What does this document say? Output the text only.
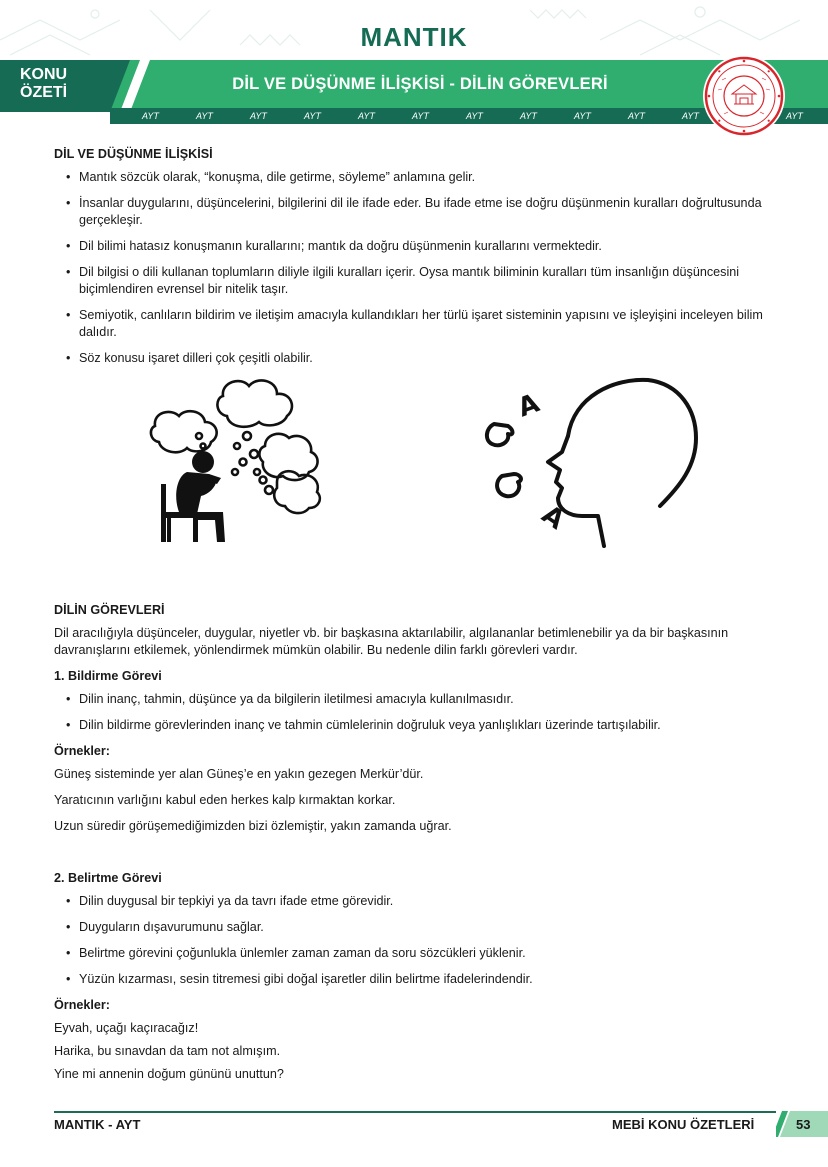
MANTIK
KONU
ÖZETİ	DİL VE DÜŞÜNME İLİŞKİSİ - DİLİN GÖREVLERİ
AYT	AYT	AYT	AYT	AYT	AYT	AYT	AYT	AYT	AYT	AYT	AYT
DİL VE DÜŞÜNME İLİŞKİSİ
• Mantık sözcük olarak, “konuşma, dile getirme, söyleme” anlamına gelir.
• İnsanlar duygularını, düşüncelerini, bilgilerini dil ile ifade eder. Bu ifade etme ise doğru düşünmenin kuralları doğrultusunda gerçekleşir.
• Dil bilimi hatasız konuşmanın kurallarını; mantık da doğru düşünmenin kurallarını vermektedir.
• Dil bilgisi o dili kullanan toplumların diliyle ilgili kuralları içerir. Oysa mantık biliminin kuralları tüm insanlığın düşüncesini biçimlendiren evrensel bir nitelik taşır.
• Semiyotik, canlıların bildirim ve iletişim amacıyla kullandıkları her türlü işaret sisteminin yapısını ve işleyişini inceleyen bilim dalıdır.
• Söz konusu işaret dilleri çok çeşitli olabilir.
A
A
DİLİN GÖREVLERİ
Dil aracılığıyla düşünceler, duygular, niyetler vb. bir başkasına aktarılabilir, algılananlar betimlenebilir ya da bir başkasının davranışlarını etkilemek, yönlendirmek mümkün olabilir. Bu nedenle dilin farklı görevleri vardır.
1. Bildirme Görevi
• Dilin inanç, tahmin, düşünce ya da bilgilerin iletilmesi amacıyla kullanılmasıdır.
• Dilin bildirme görevlerinden inanç ve tahmin cümlelerinin doğruluk veya yanlışlıkları üzerinde tartışılabilir.
Örnekler:
Güneş sisteminde yer alan Güneş’e en yakın gezegen Merkür’dür.
Yaratıcının varlığını kabul eden herkes kalp kırmaktan korkar.
Uzun süredir görüşemediğimizden bizi özlemiştir, yakın zamanda uğrar.
2. Belirtme Görevi
• Dilin duygusal bir tepkiyi ya da tavrı ifade etme görevidir.
• Duyguların dışavurumunu sağlar.
• Belirtme görevini çoğunlukla ünlemler zaman zaman da soru sözcükleri yüklenir.
• Yüzün kızarması, sesin titremesi gibi doğal işaretler dilin belirtme ifadelerindendir.
Örnekler:
Eyvah, uçağı kaçıracağız!
Harika, bu sınavdan da tam not almışım.
Yine mi annenin doğum gününü unuttun?
MANTIK - AYT	MEBİ KONU ÖZETLERİ	53
